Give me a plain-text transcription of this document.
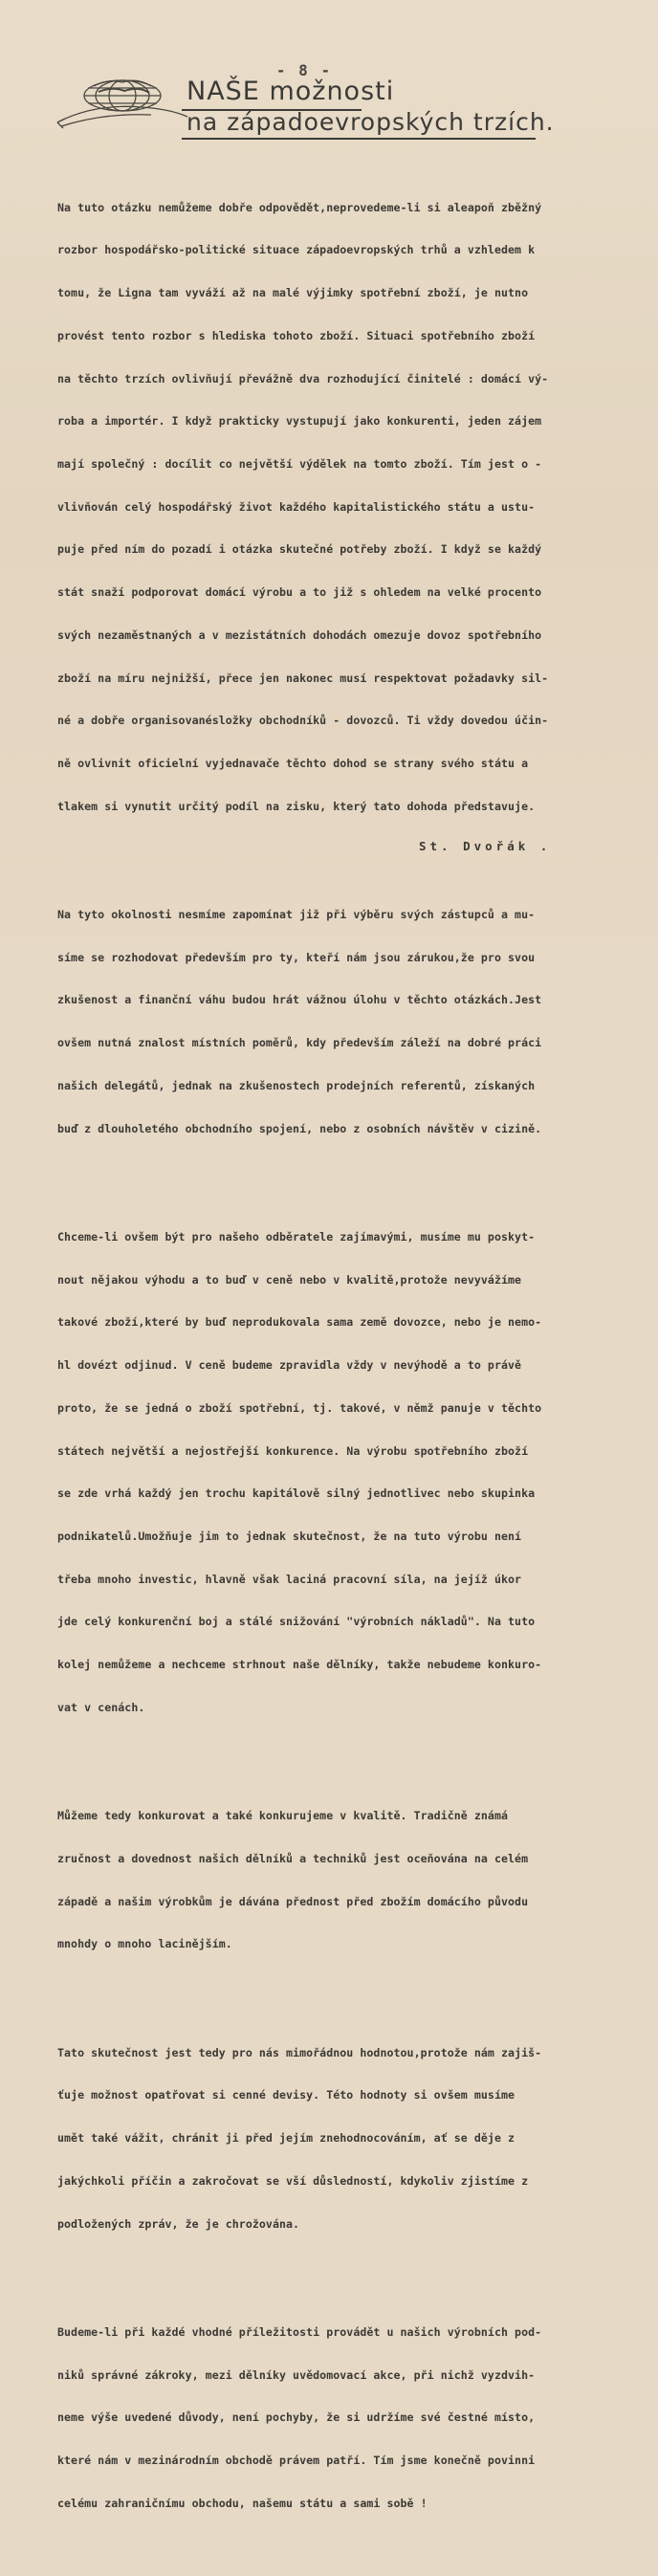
- 8 -
NAŠE možnosti
na západoevropských trzích.

Na tuto otázku nemůžeme dobře odpovědět,neprovedeme-li si aleapoň zběžný

rozbor hospodářsko-politické situace západoevropských trhů a vzhledem k

tomu, že Ligna tam vyváží až na malé výjimky spotřební zboží, je nutno

provést tento rozbor s hlediska tohoto zboží. Situaci spotřebního zboží

na těchto trzích ovlivňují převážně dva rozhodující činitelé : domácí vý-

roba a importér. I když prakticky vystupují jako konkurenti, jeden zájem

mají společný : docílit co největší výdělek na tomto zboží. Tím jest o -

vlivňován celý hospodářský život každého kapitalistického státu a ustu-

puje před ním do pozadí i otázka skutečné potřeby zboží. I když se každý

stát snaží podporovat domácí výrobu a to již s ohledem na velké procento

svých nezaměstnaných a v mezistátních dohodách omezuje dovoz spotřebního

zboží na míru nejnižší, přece jen nakonec musí respektovat požadavky sil-

né a dobře organisovanésložky obchodníků - dovozců. Ti vždy dovedou účin-

ně ovlivnit oficielní vyjednavače těchto dohod se strany svého státu a

tlakem si vynutit určitý podíl na zisku, který tato dohoda představuje.

Na tyto okolnosti nesmíme zapomínat již při výběru svých zástupců a mu-

síme se rozhodovat především pro ty, kteří nám jsou zárukou,že pro svou

zkušenost a finanční váhu budou hrát vážnou úlohu v těchto otázkách.Jest

ovšem nutná znalost místních poměrů, kdy především záleží na dobré práci

našich delegátů, jednak na zkušenostech prodejních referentů, získaných

buď z dlouholetého obchodního spojení, nebo z osobních návštěv v cizině.

Chceme-li ovšem být pro našeho odběratele zajímavými, musíme mu poskyt-

nout nějakou výhodu a to buď v ceně nebo v kvalitě,protože nevyvážíme

takové zboží,které by buď neprodukovala sama země dovozce, nebo je nemo-

hl dovézt odjinud. V ceně budeme zpravidla vždy v nevýhodě a to právě

proto, že se jedná o zboží spotřební, tj. takové, v němž panuje v těchto

státech největší a nejostřejší konkurence. Na výrobu spotřebního zboží

se zde vrhá každý jen trochu kapitálově silný jednotlivec nebo skupinka

podnikatelů.Umožňuje jim to jednak skutečnost, že na tuto výrobu není

třeba mnoho investic, hlavně však laciná pracovní síla, na jejíž úkor

jde celý konkurenční boj a stálé snižování "výrobních nákladů". Na tuto

kolej nemůžeme a nechceme strhnout naše dělníky, takže nebudeme konkuro-

vat v cenách.

Můžeme tedy konkurovat a také konkurujeme v kvalitě. Tradičně známá

zručnost a dovednost našich dělníků a techniků jest oceňována na celém

západě a našim výrobkům je dávána přednost před zbožím domácího původu

mnohdy o mnoho lacinějším.

Tato skutečnost jest tedy pro nás mimořádnou hodnotou,protože nám zajiš-

ťuje možnost opatřovat si cenné devisy. Této hodnoty si ovšem musíme

umět také vážit, chránit ji před jejím znehodnocováním, ať se děje z

jakýchkoli příčin a zakročovat se vší důsledností, kdykoliv zjistíme z

podložených zpráv, že je chrožována.

Budeme-li při každé vhodné příležitosti provádět u našich výrobních pod-

niků správné zákroky, mezi dělníky uvědomovací akce, při nichž vyzdvih-

neme výše uvedené důvody, není pochyby, že si udržíme své čestné místo,

které nám v mezinárodním obchodě právem patří. Tím jsme konečně povinni

celému zahraničnímu obchodu, našemu státu a sami sobě !

St. Dvořák .
